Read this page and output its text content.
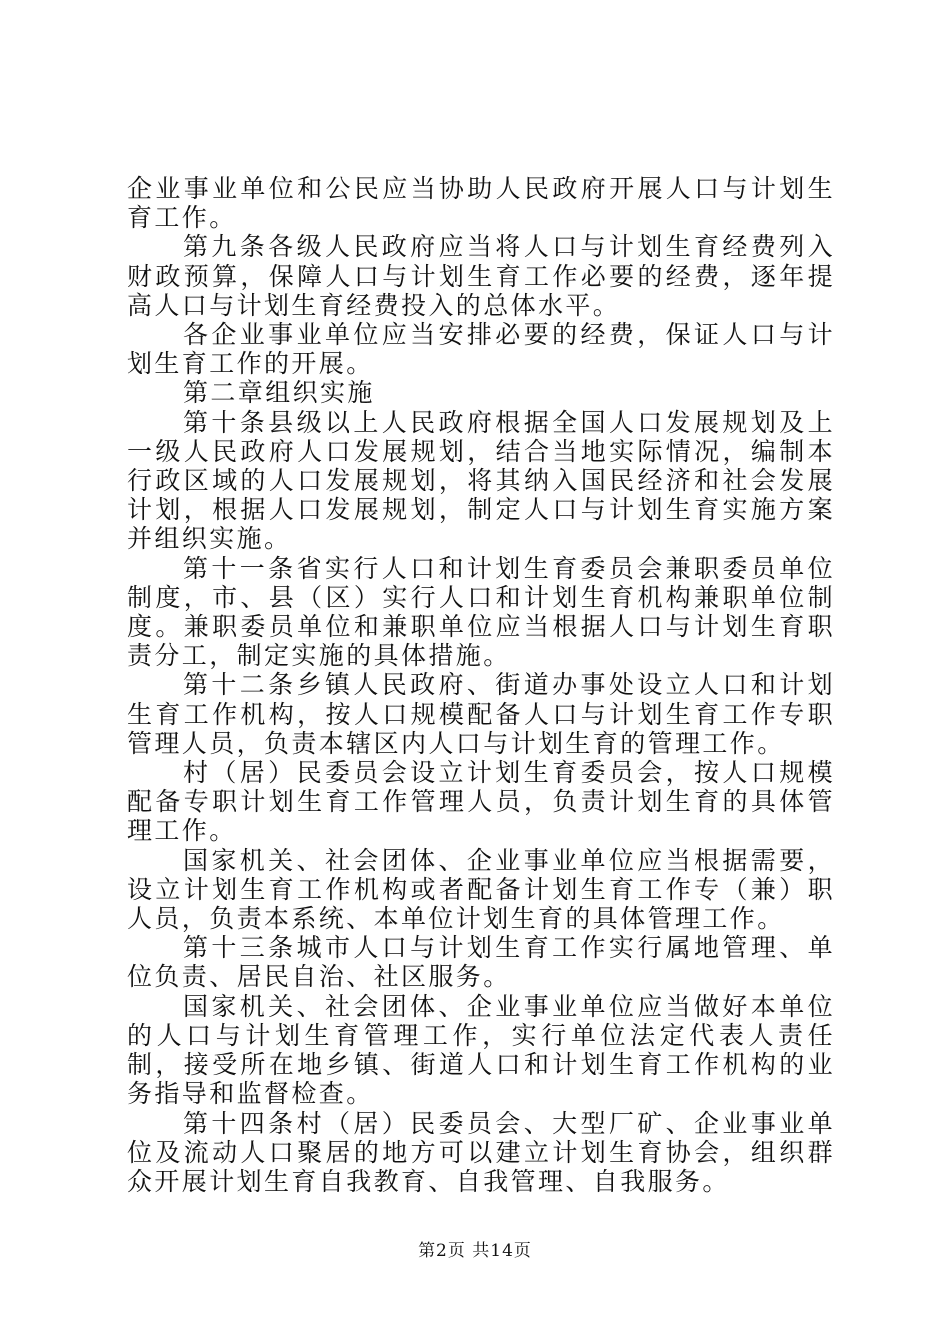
企业事业单位和公民应当协助人民政府开展人口与计划生育工作。

第九条各级人民政府应当将人口与计划生育经费列入财政预算，保障人口与计划生育工作必要的经费，逐年提高人口与计划生育经费投入的总体水平。

各企业事业单位应当安排必要的经费，保证人口与计划生育工作的开展。

第二章组织实施

第十条县级以上人民政府根据全国人口发展规划及上一级人民政府人口发展规划，结合当地实际情况，编制本行政区域的人口发展规划，将其纳入国民经济和社会发展计划，根据人口发展规划，制定人口与计划生育实施方案并组织实施。

第十一条省实行人口和计划生育委员会兼职委员单位制度，市、县（区）实行人口和计划生育机构兼职单位制度。兼职委员单位和兼职单位应当根据人口与计划生育职责分工，制定实施的具体措施。

第十二条乡镇人民政府、街道办事处设立人口和计划生育工作机构，按人口规模配备人口与计划生育工作专职管理人员，负责本辖区内人口与计划生育的管理工作。

村（居）民委员会设立计划生育委员会，按人口规模配备专职计划生育工作管理人员，负责计划生育的具体管理工作。

国家机关、社会团体、企业事业单位应当根据需要，设立计划生育工作机构或者配备计划生育工作专（兼）职人员，负责本系统、本单位计划生育的具体管理工作。

第十三条城市人口与计划生育工作实行属地管理、单位负责、居民自治、社区服务。

国家机关、社会团体、企业事业单位应当做好本单位的人口与计划生育管理工作，实行单位法定代表人责任制，接受所在地乡镇、街道人口和计划生育工作机构的业务指导和监督检查。

第十四条村（居）民委员会、大型厂矿、企业事业单位及流动人口聚居的地方可以建立计划生育协会，组织群众开展计划生育自我教育、自我管理、自我服务。

第2页 共14页
